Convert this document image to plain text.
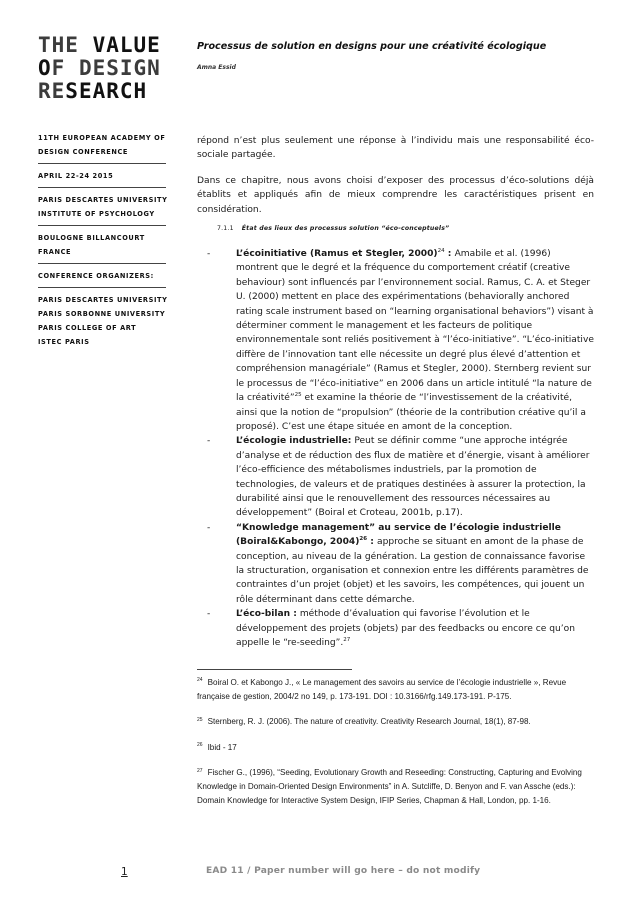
THE VALUE
OF DESIGN
RESEARCH
11TH EUROPEAN ACADEMY OF
DESIGN CONFERENCE
APRIL 22-24 2015
PARIS DESCARTES UNIVERSITY
INSTITUTE OF PSYCHOLOGY
BOULOGNE BILLANCOURT
FRANCE
CONFERENCE ORGANIZERS:
PARIS DESCARTES UNIVERSITY
PARIS SORBONNE UNIVERSITY
PARIS COLLEGE OF ART
ISTEC PARIS
Processus de solution en designs pour une créativité écologique
Amna Essid

répond n’est plus seulement une réponse à l’individu mais une responsabilité éco-sociale partagée.

Dans ce chapitre, nous avons choisi d’exposer des processus d’éco-solutions déjà établits et appliqués afin de mieux comprendre les caractéristiques prisent en considération.

7.1.1 État des lieux des processus solution “éco-conceptuels”
-	L’écoinitiative (Ramus et Stegler, 2000)$^{24}$ : Amabile et al. (1996) montrent que le degré et la fréquence du comportement créatif (creative behaviour) sont influencés par l’environnement social. Ramus, C. A. et Steger U. (2000) mettent en place des expérimentations (behaviorally anchored rating scale instrument based on “learning organisational behaviors”) visant à déterminer comment le management et les facteurs de politique environnementale sont reliés positivement à “l’éco-initiative”. “L’éco-initiative diffère de l’innovation tant elle nécessite un degré plus élevé d’attention et compréhension managériale” (Ramus et Stegler, 2000). Sternberg revient sur le processus de “l’éco-initiative” en 2006 dans un article intitulé “la nature de la créativité”$^{25}$ et examine la théorie de “l’investissement de la créativité, ainsi que la notion de “propulsion” (théorie de la contribution créative qu’il a proposé). C’est une étape située en amont de la conception.
-	L’écologie industrielle: Peut se définir comme “une approche intégrée d’analyse et de réduction des flux de matière et d’énergie, visant à améliorer l’éco-efficience des métabolismes industriels, par la promotion de technologies, de valeurs et de pratiques destinées à assurer la protection, la durabilité ainsi que le renouvellement des ressources nécessaires au développement” (Boiral et Croteau, 2001b, p.17).
-	“Knowledge management” au service de l’écologie industrielle (Boiral&Kabongo, 2004)$^{26}$ : approche se situant en amont de la phase de conception, au niveau de la génération. La gestion de connaissance favorise la structuration, organisation et connexion entre les différents paramètres de contraintes d’un projet (objet) et les savoirs, les compétences, qui jouent un rôle déterminant dans cette démarche.
-	L’éco-bilan : méthode d’évaluation qui favorise l’évolution et le développement des projets (objets) par des feedbacks ou encore ce qu’on appelle le “re-seeding”.$^{27}$

$^{24}$ Boiral O. et Kabongo J., « Le management des savoirs au service de l’écologie industrielle », Revue française de gestion, 2004/2 no 149, p. 173-191. DOI : 10.3166/rfg.149.173-191. P-175.

$^{25}$ Sternberg, R. J. (2006). The nature of creativity. Creativity Research Journal, 18(1), 87-98.

$^{26}$ Ibid - 17

$^{27}$ Fischer G., (1996), “Seeding, Evolutionary Growth and Reseeding: Constructing, Capturing and Evolving Knowledge in Domain-Oriented Design Environments” in A. Sutcliffe, D. Benyon and F. van Assche (eds.): Domain Knowledge for Interactive System Design, IFIP Series, Chapman & Hall, London, pp. 1-16.

1	EAD 11 / Paper number will go here – do not modify
